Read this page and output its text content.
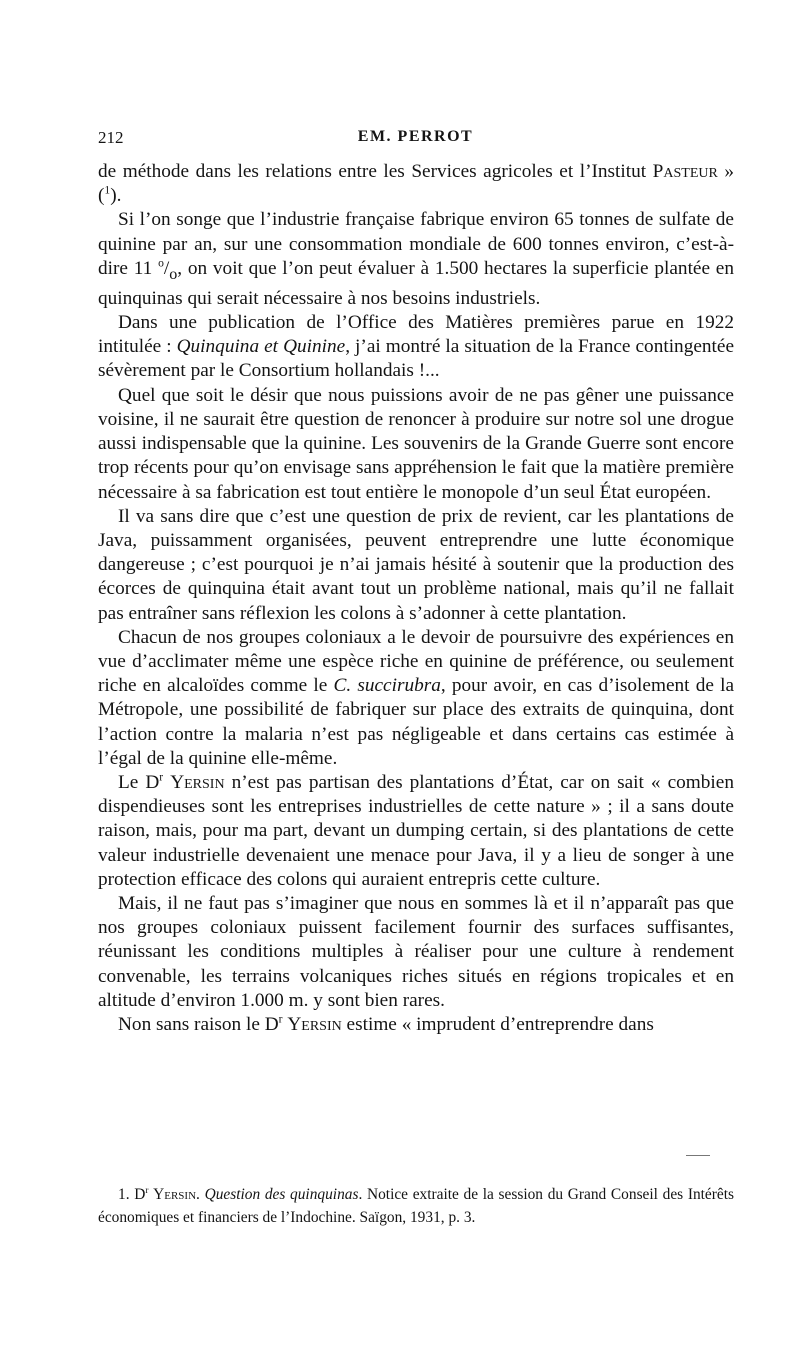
212	EM. PERROT

de méthode dans les relations entre les Services agricoles et l’Institut Pasteur » ($^1$).

Si l’on songe que l’industrie française fabrique environ 65 tonnes de sulfate de quinine par an, sur une consommation mondiale de 600 tonnes environ, c’est-à-dire 11 $^o/_o$, on voit que l’on peut évaluer à 1.500 hectares la superficie plantée en quinquinas qui serait nécessaire à nos besoins industriels.

Dans une publication de l’Office des Matières premières parue en 1922 intitulée : Quinquina et Quinine, j’ai montré la situation de la France contingentée sévèrement par le Consortium hollandais !...

Quel que soit le désir que nous puissions avoir de ne pas gêner une puissance voisine, il ne saurait être question de renoncer à produire sur notre sol une drogue aussi indispensable que la quinine. Les souvenirs de la Grande Guerre sont encore trop récents pour qu’on envisage sans appréhension le fait que la matière première nécessaire à sa fabrication est tout entière le monopole d’un seul État européen.

Il va sans dire que c’est une question de prix de revient, car les plantations de Java, puissamment organisées, peuvent entreprendre une lutte économique dangereuse ; c’est pourquoi je n’ai jamais hésité à soutenir que la production des écorces de quinquina était avant tout un problème national, mais qu’il ne fallait pas entraîner sans réflexion les colons à s’adonner à cette plantation.

Chacun de nos groupes coloniaux a le devoir de poursuivre des expériences en vue d’acclimater même une espèce riche en quinine de préférence, ou seulement riche en alcaloïdes comme le C. succirubra, pour avoir, en cas d’isolement de la Métropole, une possibilité de fabriquer sur place des extraits de quinquina, dont l’action contre la malaria n’est pas négligeable et dans certains cas estimée à l’égal de la quinine elle-même.

Le $D^r$ Yersin n’est pas partisan des plantations d’État, car on sait « combien dispendieuses sont les entreprises industrielles de cette nature » ; il a sans doute raison, mais, pour ma part, devant un dumping certain, si des plantations de cette valeur industrielle devenaient une menace pour Java, il y a lieu de songer à une protection efficace des colons qui auraient entrepris cette culture.

Mais, il ne faut pas s’imaginer que nous en sommes là et il n’apparaît pas que nos groupes coloniaux puissent facilement fournir des surfaces suffisantes, réunissant les conditions multiples à réaliser pour une culture à rendement convenable, les terrains volcaniques riches situés en régions tropicales et en altitude d’environ 1.000 m. y sont bien rares.

Non sans raison le $D^r$ Yersin estime « imprudent d’entreprendre dans

1. $D^r$ Yersin. Question des quinquinas. Notice extraite de la session du Grand Conseil des Intérêts économiques et financiers de l’Indochine. Saïgon, 1931, p. 3.
